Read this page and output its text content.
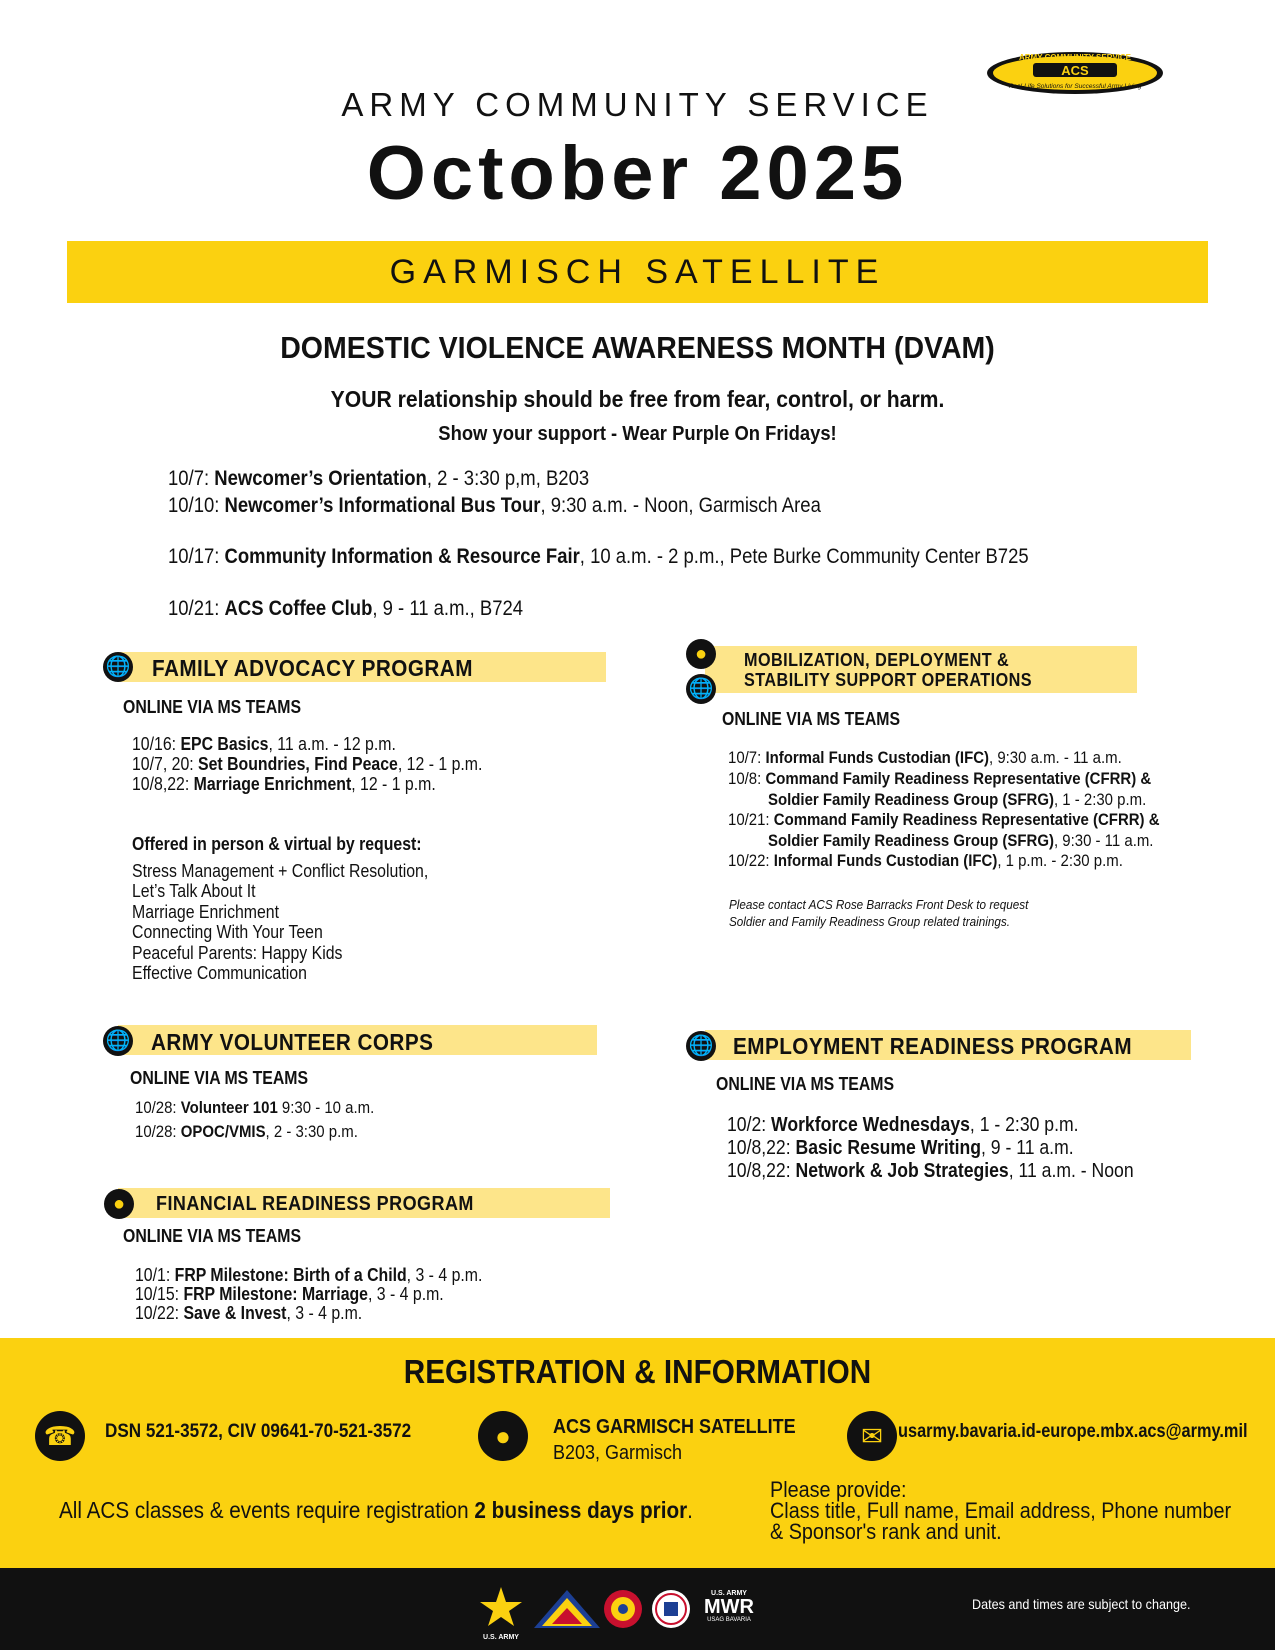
ARMY COMMUNITY SERVICE
ACS
Real-Life Solutions for Successful Army Living
ARMY COMMUNITY SERVICE
October 2025
GARMISCH SATELLITE
DOMESTIC VIOLENCE AWARENESS MONTH (DVAM)
YOUR relationship should be free from fear, control, or harm.
Show your support - Wear Purple On Fridays!
10/7: Newcomer’s Orientation, 2 - 3:30 p,m, B203
10/10: Newcomer’s Informational Bus Tour, 9:30 a.m. - Noon, Garmisch Area
10/17: Community Information & Resource Fair, 10 a.m. - 2 p.m., Pete Burke Community Center B725
10/21: ACS Coffee Club, 9 - 11 a.m., B724
🌐 FAMILY ADVOCACY PROGRAM
ONLINE VIA MS TEAMS
10/16: EPC Basics, 11 a.m. - 12 p.m.
10/7, 20: Set Boundries, Find Peace, 12 - 1 p.m.
10/8,22: Marriage Enrichment, 12 - 1 p.m.
Offered in person & virtual by request:
Stress Management + Conflict Resolution,
Let’s Talk About It
Marriage Enrichment
Connecting With Your Teen
Peaceful Parents: Happy Kids
Effective Communication
🌐 ARMY VOLUNTEER CORPS
ONLINE VIA MS TEAMS
10/28: Volunteer 101 9:30 - 10 a.m.
10/28: OPOC/VMIS, 2 - 3:30 p.m.
●	FINANCIAL READINESS PROGRAM
ONLINE VIA MS TEAMS
10/1: FRP Milestone: Birth of a Child, 3 - 4 p.m.
10/15: FRP Milestone: Marriage, 3 - 4 p.m.
10/22: Save & Invest, 3 - 4 p.m.
●
🌐
MOBILIZATION, DEPLOYMENT &
STABILITY SUPPORT OPERATIONS
ONLINE VIA MS TEAMS
10/7: Informal Funds Custodian (IFC), 9:30 a.m. - 11 a.m.
10/8: Command Family Readiness Representative (CFRR) &
Soldier Family Readiness Group (SFRG), 1 - 2:30 p.m.
10/21: Command Family Readiness Representative (CFRR) &
Soldier Family Readiness Group (SFRG), 9:30 - 11 a.m.
10/22: Informal Funds Custodian (IFC), 1 p.m. - 2:30 p.m.
Please contact ACS Rose Barracks Front Desk to request
Soldier and Family Readiness Group related trainings.
🌐 EMPLOYMENT READINESS PROGRAM
ONLINE VIA MS TEAMS
10/2: Workforce Wednesdays, 1 - 2:30 p.m.
10/8,22: Basic Resume Writing, 9 - 11 a.m.
10/8,22: Network & Job Strategies, 11 a.m. - Noon
REGISTRATION & INFORMATION
☎	DSN 521-3572, CIV 09641-70-521-3572	●	ACS GARMISCH SATELLITE
B203, Garmisch
✉ usarmy.bavaria.id-europe.mbx.acs@army.mil
All ACS classes & events require registration 2 business days prior.
Please provide:
Class title, Full name, Email address, Phone number
& Sponsor's rank and unit.
U.S. ARMY
U.S. ARMY
MWR
USAG BAVARIA
Dates and times are subject to change.
